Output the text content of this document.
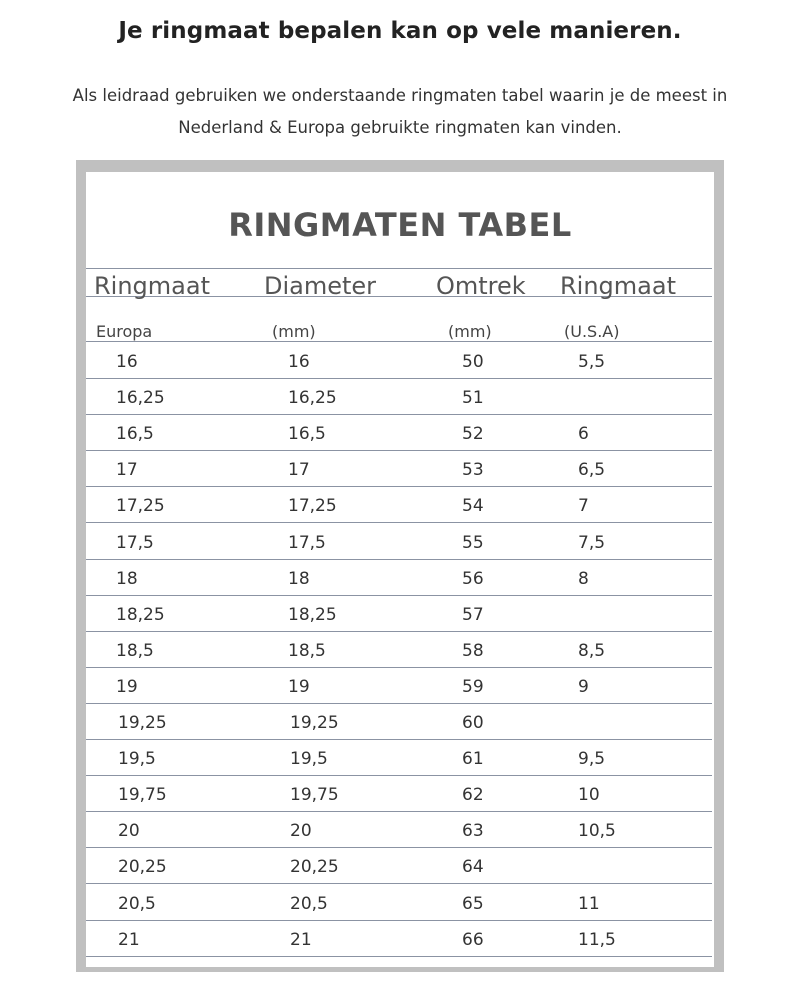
Je ringmaat bepalen kan op vele manieren.
Als leidraad gebruiken we onderstaande ringmaten tabel waarin je de meest in
Nederland & Europa gebruikte ringmaten kan vinden.
RINGMATEN TABEL
Ringmaat Diameter Omtrek Ringmaat
Europa	(mm)	(mm)	(U.S.A)
16	16	50	5,5
16,25	16,25	51
16,5	16,5	52	6
17	17	53	6,5
17,25	17,25	54	7
17,5	17,5	55	7,5
18	18	56	8
18,25	18,25	57
18,5	18,5	58	8,5
19	19	59	9
19,25	19,25	60
19,5	19,5	61	9,5
19,75	19,75	62	10
20	20	63	10,5
20,25	20,25	64
20,5	20,5	65	11
21	21	66	11,5
